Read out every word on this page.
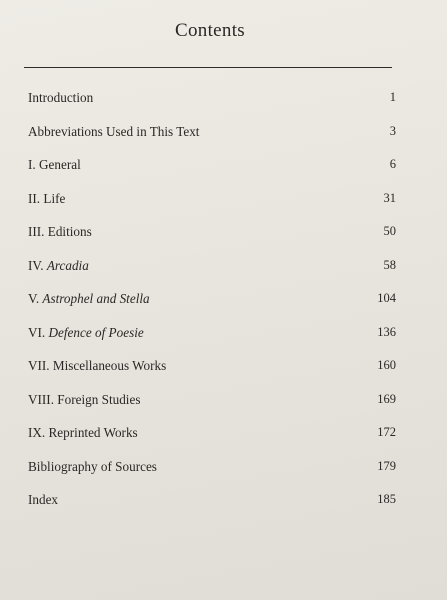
Contents
Introduction	1
Abbreviations Used in This Text	3
I. General	6
II. Life	31
III. Editions	50
IV. Arcadia	58
V. Astrophel and Stella	104
VI. Defence of Poesie	136
VII. Miscellaneous Works	160
VIII. Foreign Studies	169
IX. Reprinted Works	172
Bibliography of Sources	179
Index	185
